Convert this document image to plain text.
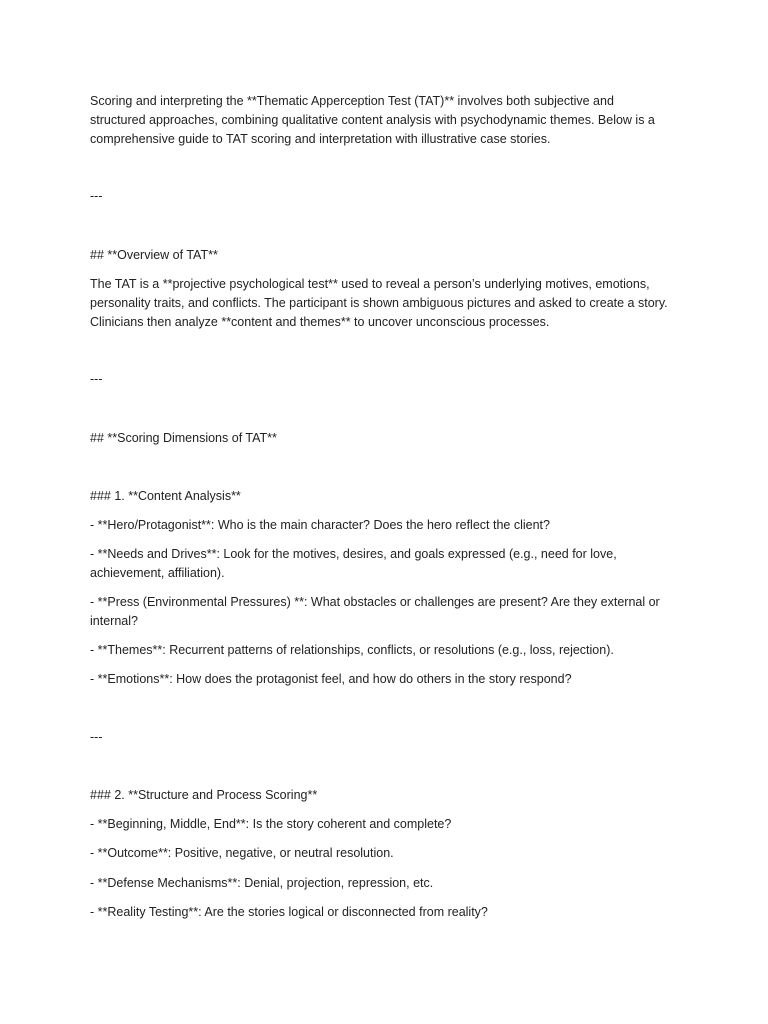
Scoring and interpreting the **Thematic Apperception Test (TAT)** involves both subjective and

structured approaches, combining qualitative content analysis with psychodynamic themes. Below is a

comprehensive guide to TAT scoring and interpretation with illustrative case stories.

---

## **Overview of TAT**

The TAT is a **projective psychological test** used to reveal a person’s underlying motives, emotions,

personality traits, and conflicts. The participant is shown ambiguous pictures and asked to create a story.

Clinicians then analyze **content and themes** to uncover unconscious processes.

---

## **Scoring Dimensions of TAT**

### 1. **Content Analysis**

- **Hero/Protagonist**: Who is the main character? Does the hero reflect the client?

- **Needs and Drives**: Look for the motives, desires, and goals expressed (e.g., need for love,

achievement, affiliation).

- **Press (Environmental Pressures) **: What obstacles or challenges are present? Are they external or

internal?

- **Themes**: Recurrent patterns of relationships, conflicts, or resolutions (e.g., loss, rejection).

- **Emotions**: How does the protagonist feel, and how do others in the story respond?

---

### 2. **Structure and Process Scoring**

- **Beginning, Middle, End**: Is the story coherent and complete?

- **Outcome**: Positive, negative, or neutral resolution.

- **Defense Mechanisms**: Denial, projection, repression, etc.

- **Reality Testing**: Are the stories logical or disconnected from reality?
